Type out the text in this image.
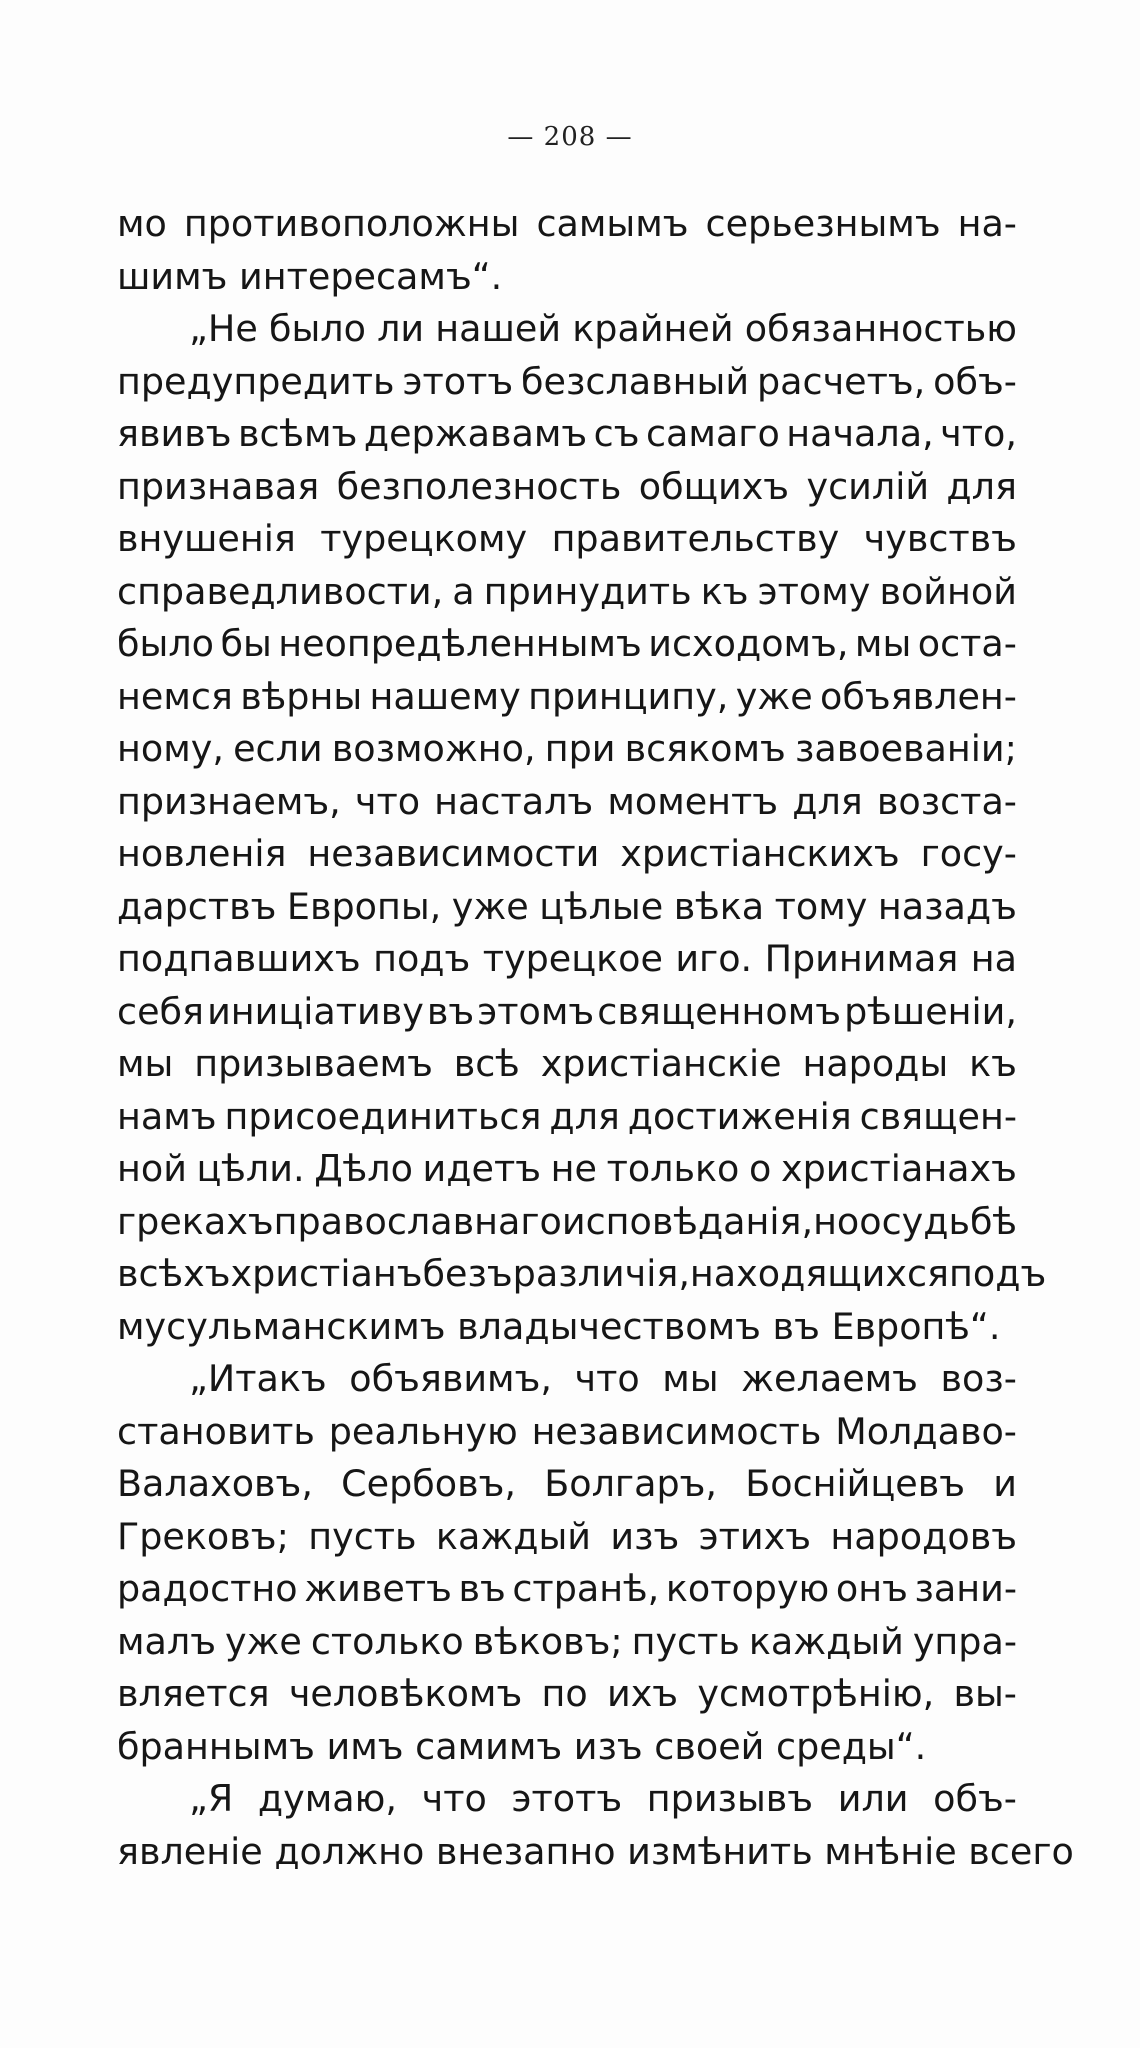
— 208 —
мо противоположны самымъ серьезнымъ на-
шимъ интересамъ“.
„Не было ли нашей крайней обязанностью
предупредить этотъ безславный расчетъ, объ-
явивъ всѣмъ державамъ съ самаго начала, что,
признавая безполезность общихъ усилій для
внушенія турецкому правительству чувствъ
справедливости, а принудить къ этому войной
было бы неопредѣленнымъ исходомъ, мы оста-
немся вѣрны нашему принципу, уже объявлен-
ному, если возможно, при всякомъ завоеваніи;
признаемъ, что насталъ моментъ для возста-
новленія независимости христіанскихъ госу-
дарствъ Европы, уже цѣлые вѣка тому назадъ
подпавшихъ подъ турецкое иго. Принимая на
себя иниціативу въ этомъ священномъ рѣшеніи,
мы призываемъ всѣ христіанскіе народы къ
намъ присоединиться для достиженія священ-
ной цѣли. Дѣло идетъ не только о христіанахъ
грекахъ православнаго исповѣданія, но о судьбѣ
всѣхъ христіанъ безъ различія, находящихся подъ
мусульманскимъ владычествомъ въ Европѣ“.
„Итакъ объявимъ, что мы желаемъ воз-
становить реальную независимость Молдаво-
Валаховъ, Сербовъ, Болгаръ, Боснійцевъ и
Грековъ; пусть каждый изъ этихъ народовъ
радостно живетъ въ странѣ, которую онъ зани-
малъ уже столько вѣковъ; пусть каждый упра-
вляется человѣкомъ по ихъ усмотрѣнію, вы-
браннымъ имъ самимъ изъ своей среды“.
„Я думаю, что этотъ призывъ или объ-
явленіе должно внезапно измѣнить мнѣніе всего
